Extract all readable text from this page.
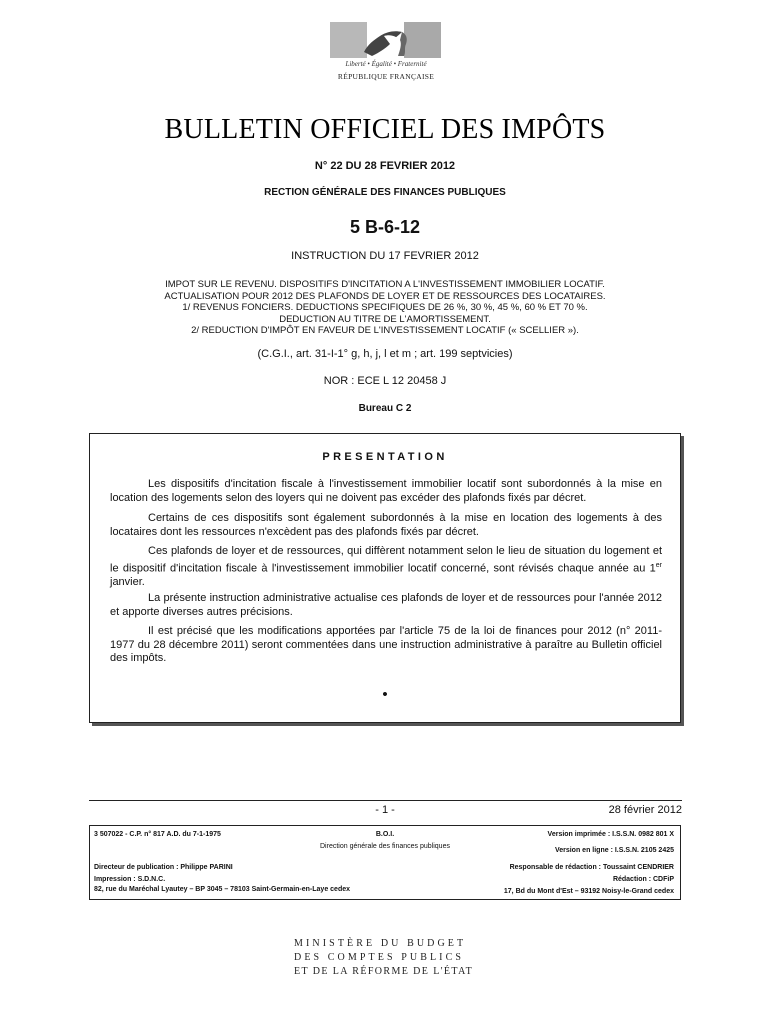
Liberté • Égalité • Fraternité
RÉPUBLIQUE FRANÇAISE
BULLETIN OFFICIEL DES IMPÔTS
N° 22 DU 28 FEVRIER 2012
RECTION GÉNÉRALE DES FINANCES PUBLIQUES
5 B-6-12
INSTRUCTION DU 17 FEVRIER 2012
IMPOT SUR LE REVENU. DISPOSITIFS D'INCITATION A L'INVESTISSEMENT IMMOBILIER LOCATIF.
ACTUALISATION POUR 2012 DES PLAFONDS DE LOYER ET DE RESSOURCES DES LOCATAIRES.
1/ REVENUS FONCIERS. DEDUCTIONS SPECIFIQUES DE 26 %, 30 %, 45 %, 60 % ET 70 %.
DEDUCTION AU TITRE DE L'AMORTISSEMENT.
2/ REDUCTION D'IMPÔT EN FAVEUR DE L'INVESTISSEMENT LOCATIF (« SCELLIER »).
(C.G.I., art. 31-I-1° g, h, j, l et m ; art. 199 septvicies)
NOR : ECE L 12 20458 J
Bureau C 2
PRESENTATION
Les dispositifs d'incitation fiscale à l'investissement immobilier locatif sont subordonnés à la mise en location des logements selon des loyers qui ne doivent pas excéder des plafonds fixés par décret.
Certains de ces dispositifs sont également subordonnés à la mise en location des logements à des locataires dont les ressources n'excèdent pas des plafonds fixés par décret.
Ces plafonds de loyer et de ressources, qui diffèrent notamment selon le lieu de situation du logement et le dispositif d'incitation fiscale à l'investissement immobilier locatif concerné, sont révisés chaque année au 1er janvier.
La présente instruction administrative actualise ces plafonds de loyer et de ressources pour l'année 2012 et apporte diverses autres précisions.
Il est précisé que les modifications apportées par l'article 75 de la loi de finances pour 2012 (n° 2011-1977 du 28 décembre 2011) seront commentées dans une instruction administrative à paraître au Bulletin officiel des impôts.
•
- 1 -	28 février 2012
3 507022 - C.P. n° 817 A.D. du 7-1-1975	B.O.I.
Direction générale des finances publiques
Version imprimée : I.S.S.N. 0982 801 X
Version en ligne : I.S.S.N. 2105 2425
Directeur de publication : Philippe PARINI	Responsable de rédaction : Toussaint CENDRIER
Impression : S.D.N.C.	Rédaction : CDFiP
82, rue du Maréchal Lyautey – BP 3045 – 78103 Saint-Germain-en-Laye cedex	17, Bd du Mont d'Est – 93192 Noisy-le-Grand cedex
MINISTÈRE DU BUDGET
DES COMPTES PUBLICS
ET DE LA RÉFORME DE L'ÉTAT
